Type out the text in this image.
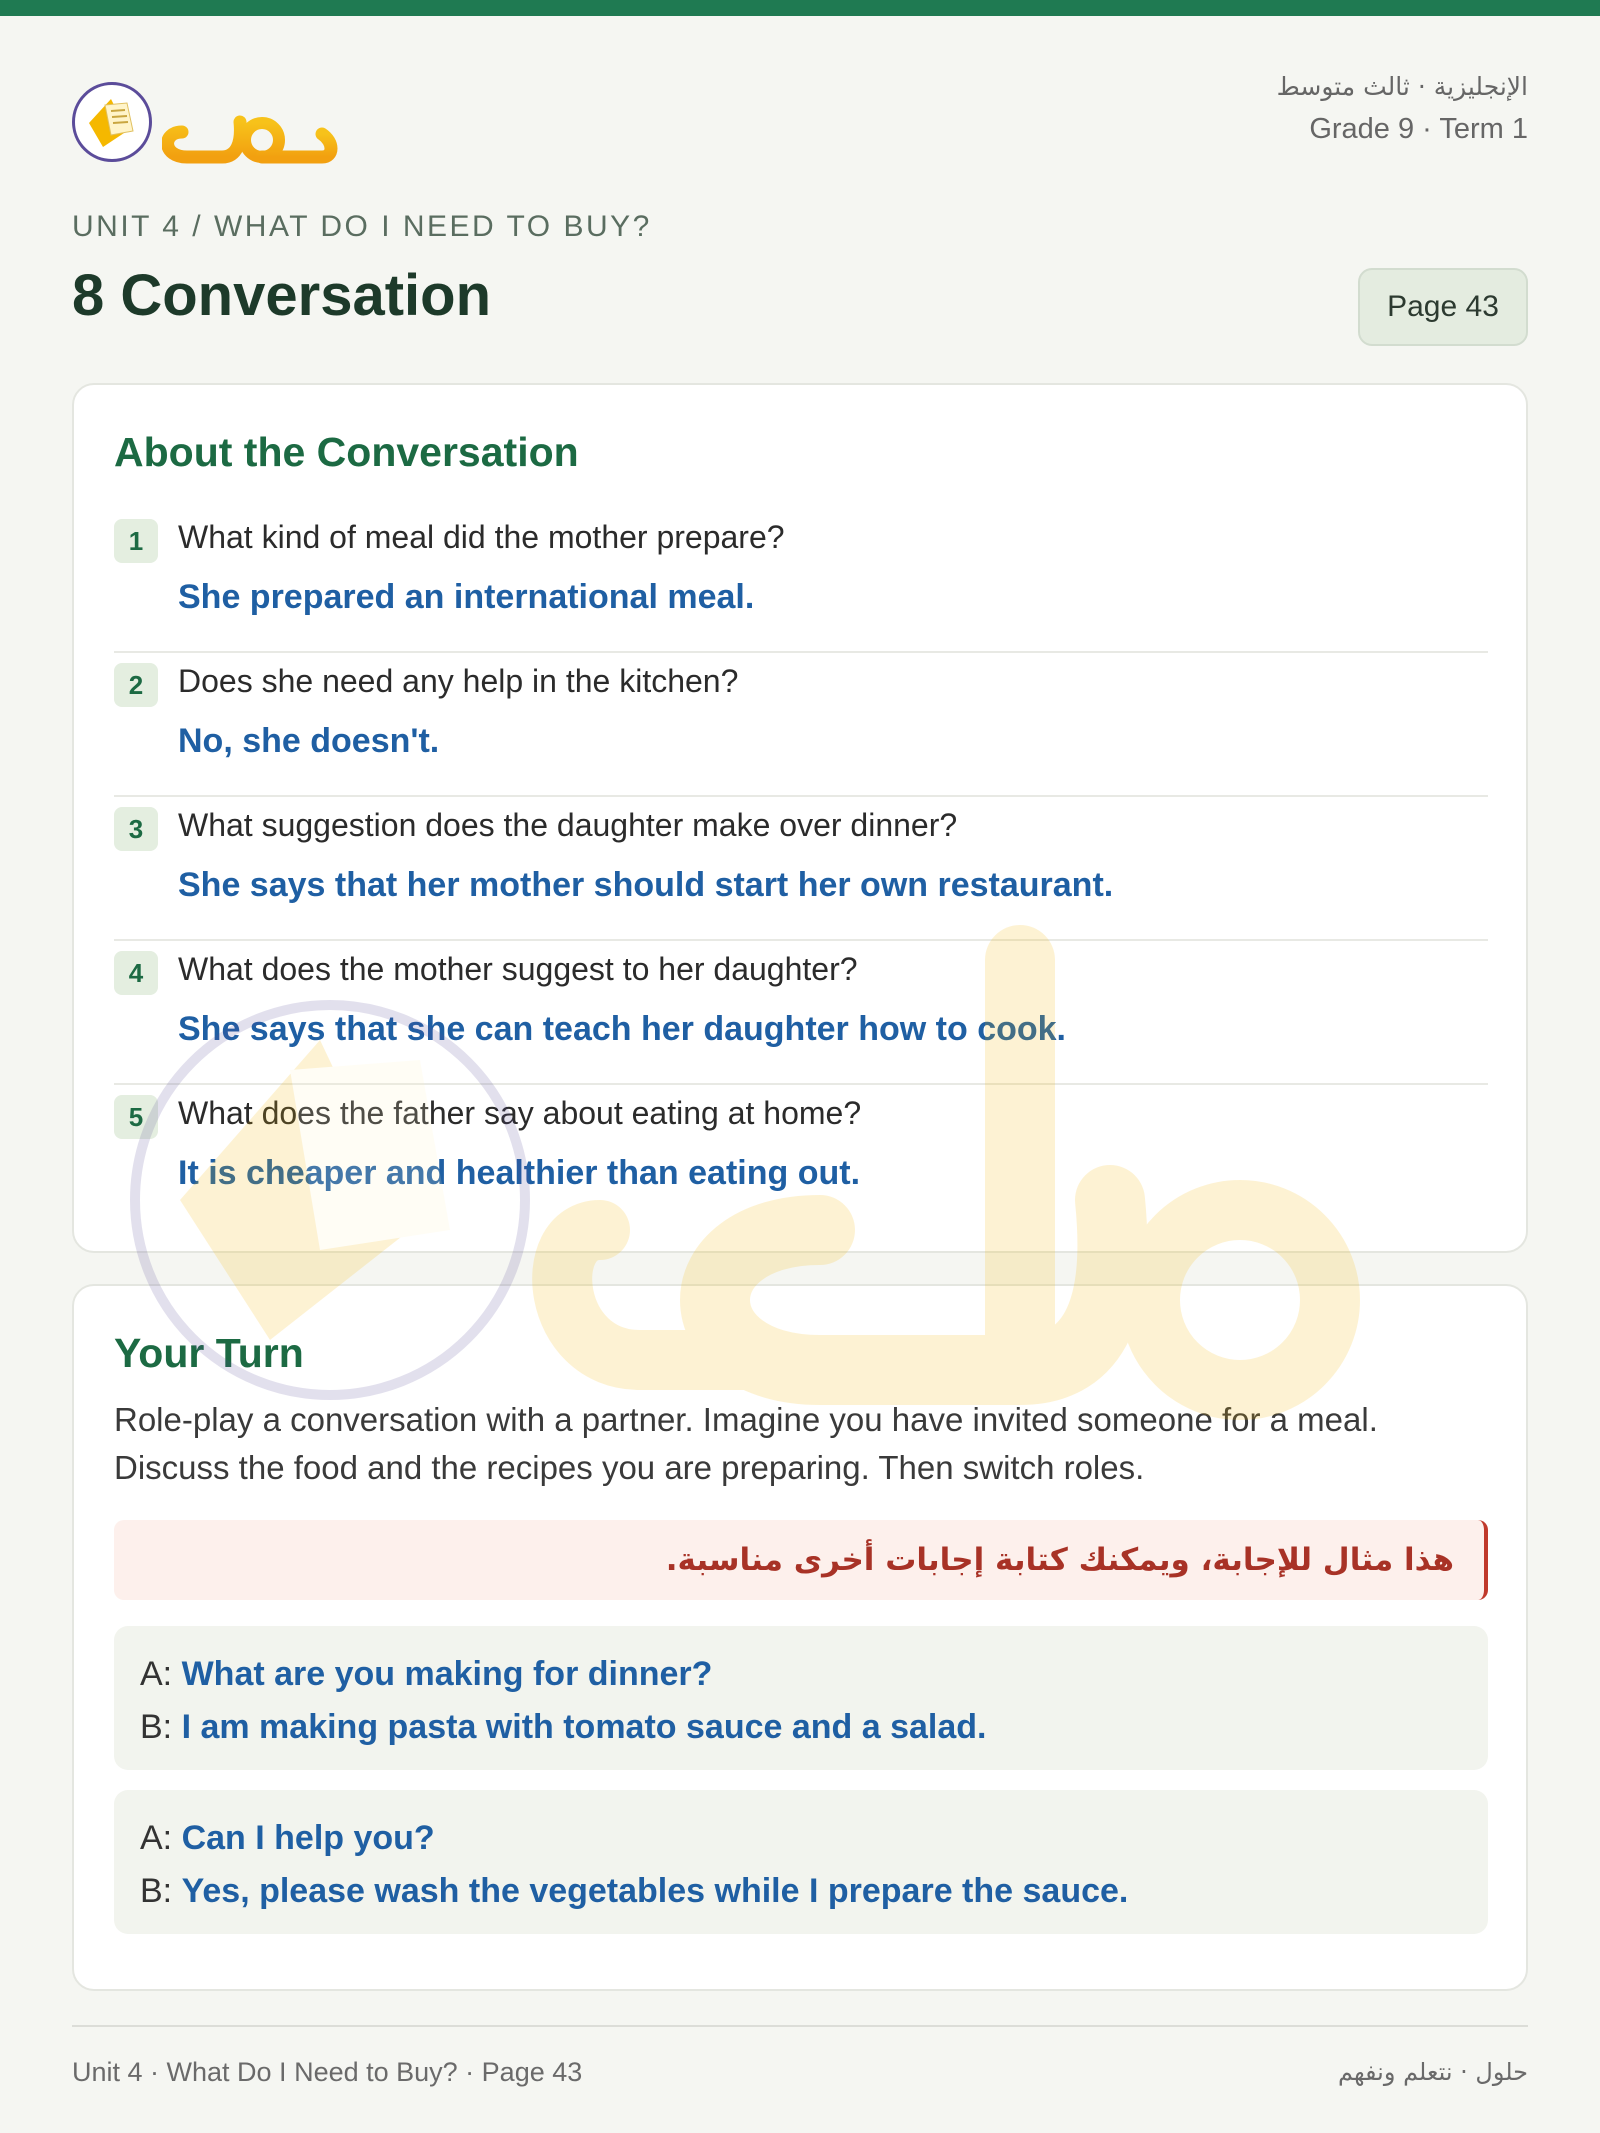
الإنجليزية · ثالث متوسط
Grade 9 · Term 1
UNIT 4 / WHAT DO I NEED TO BUY?
8 Conversation	Page 43
About the Conversation
1	What kind of meal did the mother prepare?
She prepared an international meal.
2	Does she need any help in the kitchen?
No, she doesn't.
3	What suggestion does the daughter make over dinner?
She says that her mother should start her own restaurant.
4	What does the mother suggest to her daughter?
She says that she can teach her daughter how to cook.
5	What does the father say about eating at home?
It is cheaper and healthier than eating out.
Your Turn
Role-play a conversation with a partner. Imagine you have invited someone for a meal. Discuss the food and the recipes you are preparing. Then switch roles.
هذا مثال للإجابة، ويمكنك كتابة إجابات أخرى مناسبة.
A: What are you making for dinner?
B: I am making pasta with tomato sauce and a salad.
A: Can I help you?
B: Yes, please wash the vegetables while I prepare the sauce.
Unit 4 · What Do I Need to Buy? · Page 43	حلول · نتعلم ونفهم
